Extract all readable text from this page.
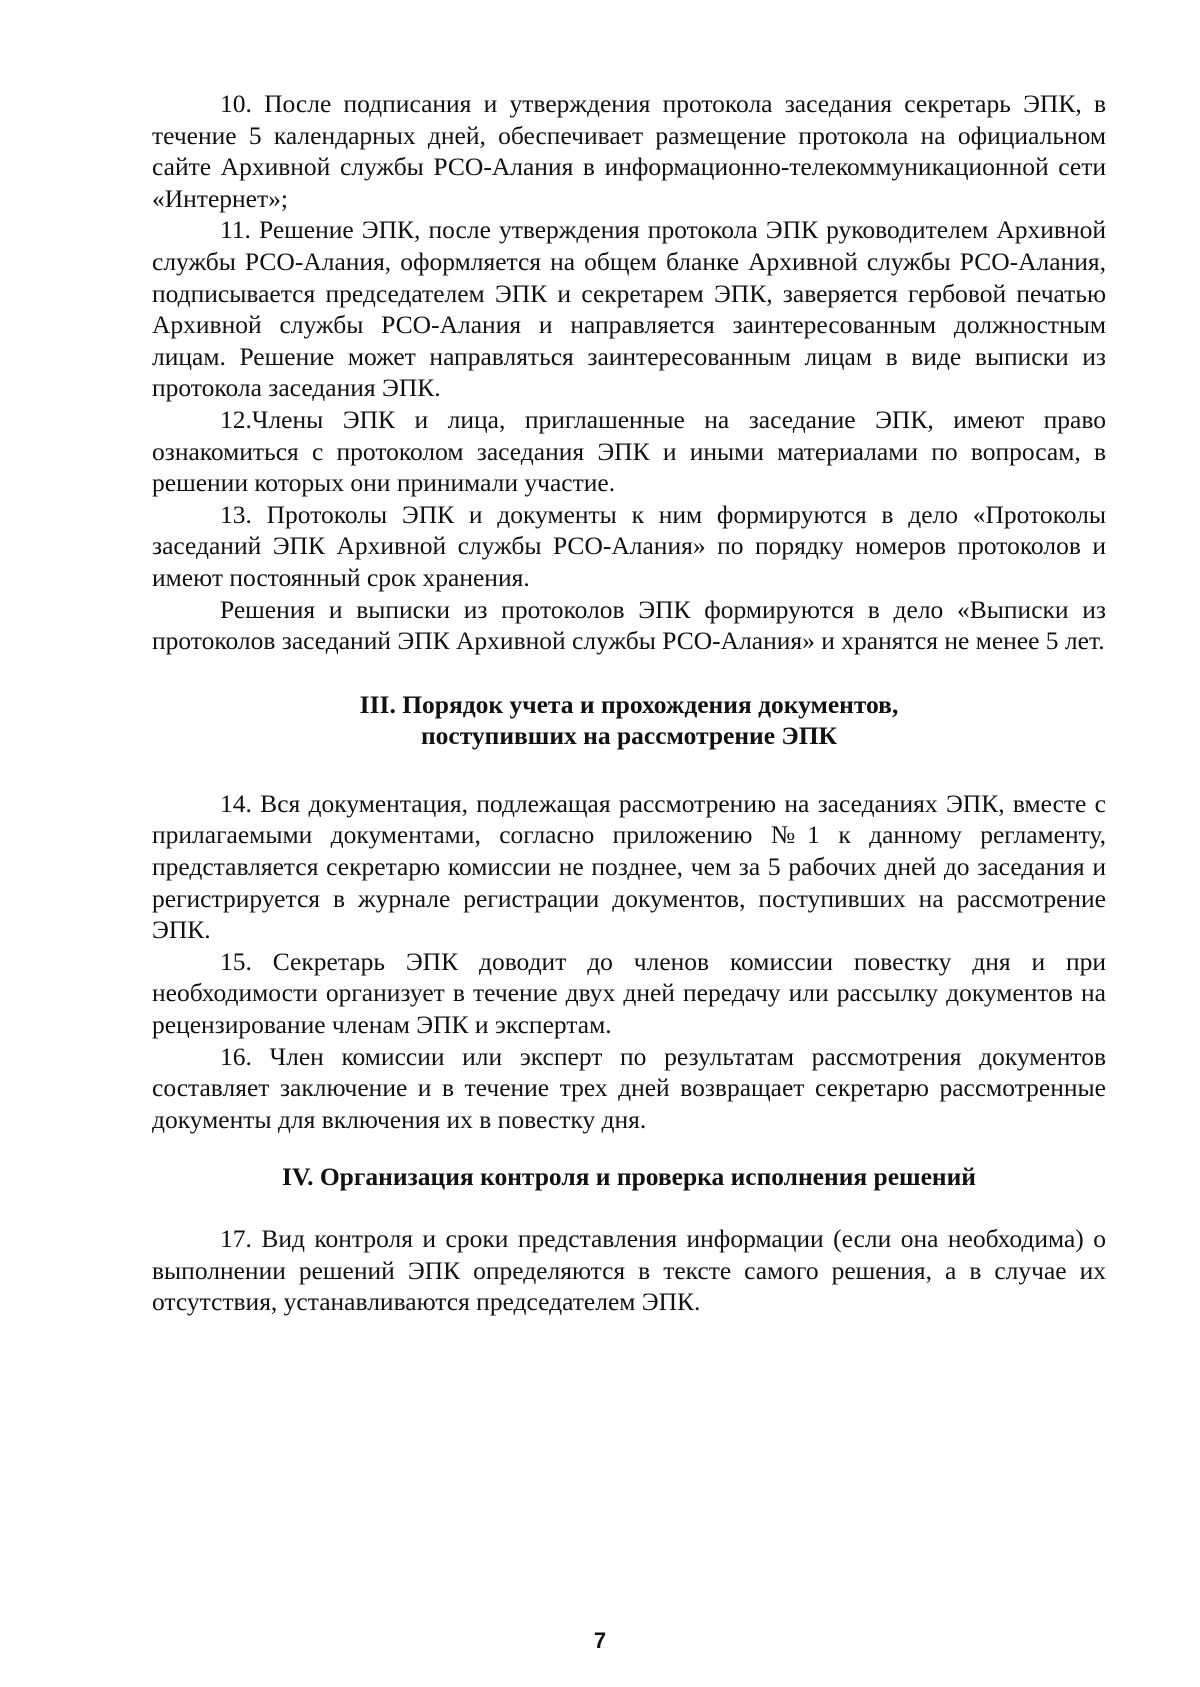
10. После подписания и утверждения протокола заседания секретарь ЭПК, в течение 5 календарных дней, обеспечивает размещение протокола на официальном сайте Архивной службы РСО-Алания в информационно-телекоммуникационной сети «Интернет»;

11. Решение ЭПК, после утверждения протокола ЭПК руководителем Архивной службы РСО-Алания, оформляется на общем бланке Архивной службы РСО-Алания, подписывается председателем ЭПК и секретарем ЭПК, заверяется гербовой печатью Архивной службы РСО-Алания и направляется заинтересованным должностным лицам. Решение может направляться заинтересованным лицам в виде выписки из протокола заседания ЭПК.

12.Члены ЭПК и лица, приглашенные на заседание ЭПК, имеют право ознакомиться с протоколом заседания ЭПК и иными материалами по вопросам, в решении которых они принимали участие.

13. Протоколы ЭПК и документы к ним формируются в дело «Протоколы заседаний ЭПК Архивной службы РСО-Алания» по порядку номеров протоколов и имеют постоянный срок хранения.

Решения и выписки из протоколов ЭПК формируются в дело «Выписки из протоколов заседаний ЭПК Архивной службы РСО-Алания» и хранятся не менее 5 лет.

III. Порядок учета и прохождения документов,

поступивших на рассмотрение ЭПК

14. Вся документация, подлежащая рассмотрению на заседаниях ЭПК, вместе с прилагаемыми документами, согласно приложению №1 к данному регламенту, представляется секретарю комиссии не позднее, чем за 5 рабочих дней до заседания и регистрируется в журнале регистрации документов, поступивших на рассмотрение ЭПК.

15. Секретарь ЭПК доводит до членов комиссии повестку дня и при необходимости организует в течение двух дней передачу или рассылку документов на рецензирование членам ЭПК и экспертам.

16. Член комиссии или эксперт по результатам рассмотрения документов составляет заключение и в течение трех дней возвращает секретарю рассмотренные документы для включения их в повестку дня.

IV. Организация контроля и проверка исполнения решений

17. Вид контроля и сроки представления информации (если она необходима) о выполнении решений ЭПК определяются в тексте самого решения, а в случае их отсутствия, устанавливаются председателем ЭПК.

7
